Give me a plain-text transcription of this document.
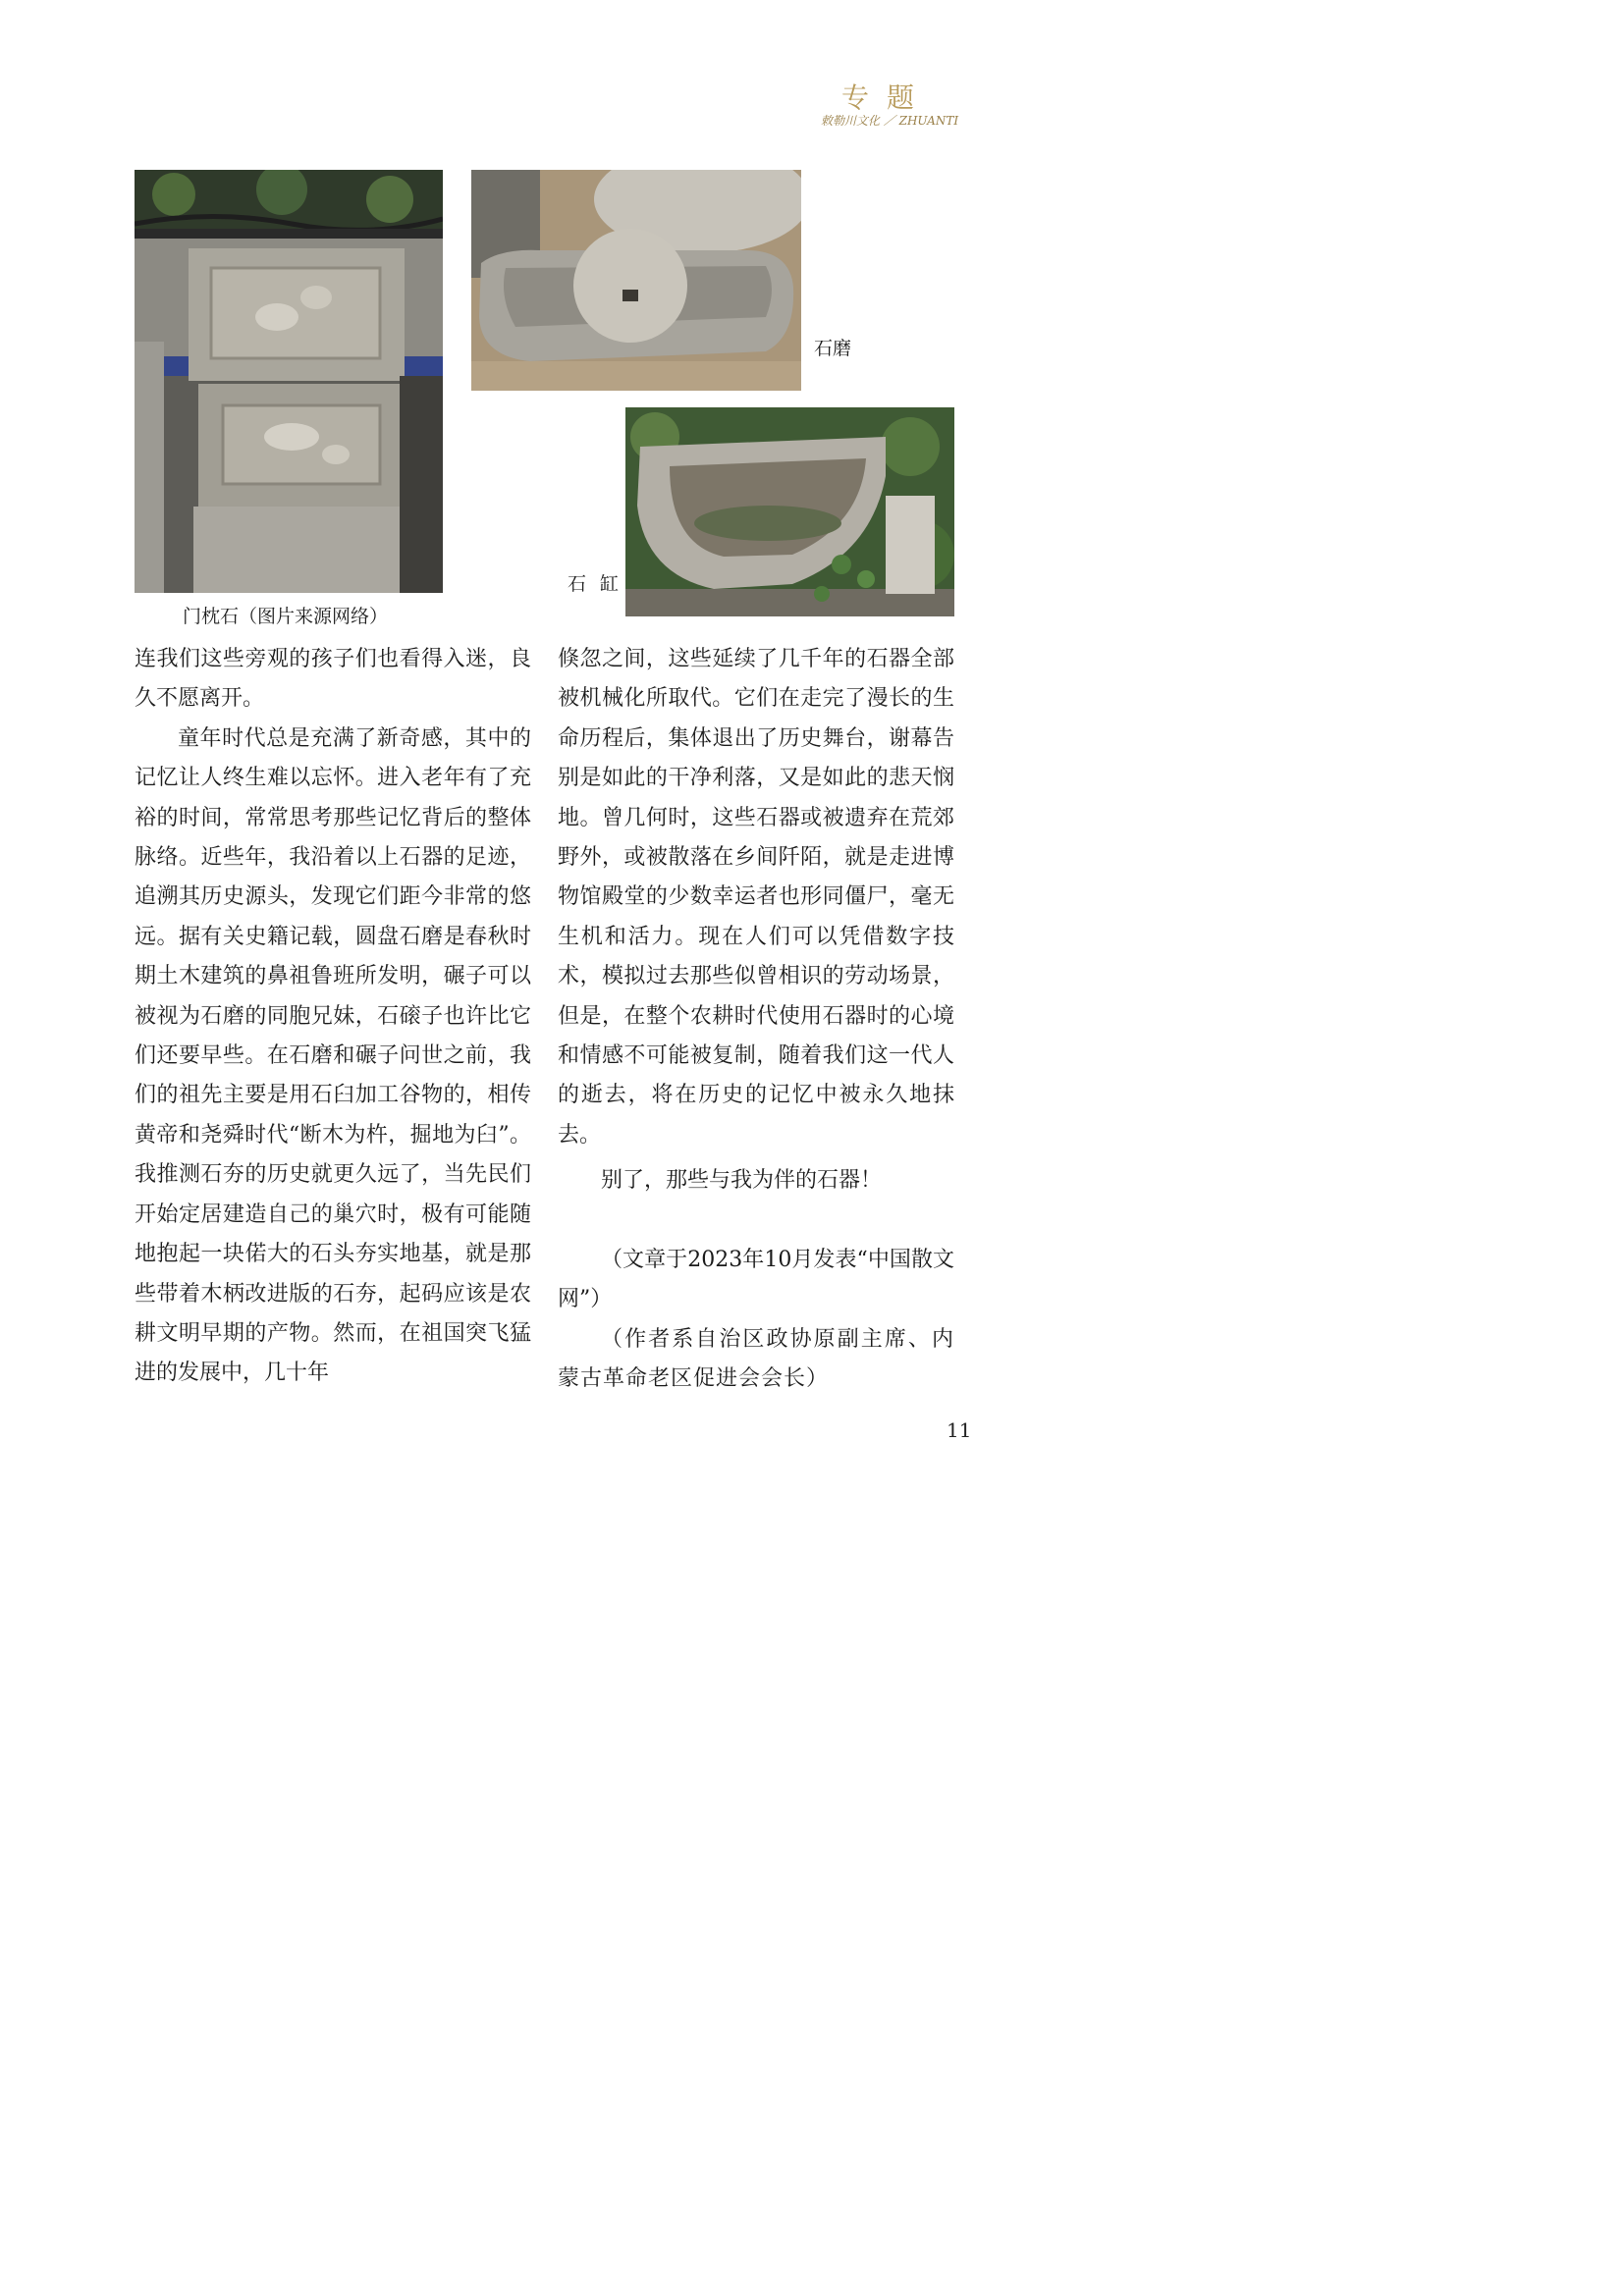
专题
敕勒川文化 ／ ZHUANTI
门枕石（图片来源网络）
石磨
石 缸

连我们这些旁观的孩子们也看得入迷，良久不愿离开。

童年时代总是充满了新奇感，其中的记忆让人终生难以忘怀。进入老年有了充裕的时间，常常思考那些记忆背后的整体脉络。近些年，我沿着以上石器的足迹，追溯其历史源头，发现它们距今非常的悠远。据有关史籍记载，圆盘石磨是春秋时期土木建筑的鼻祖鲁班所发明，碾子可以被视为石磨的同胞兄妹，石磙子也许比它们还要早些。在石磨和碾子问世之前，我们的祖先主要是用石臼加工谷物的，相传黄帝和尧舜时代“断木为杵，掘地为臼”。我推测石夯的历史就更久远了，当先民们开始定居建造自己的巢穴时，极有可能随地抱起一块偌大的石头夯实地基，就是那些带着木柄改进版的石夯，起码应该是农耕文明早期的产物。然而，在祖国突飞猛进的发展中，几十年

倏忽之间，这些延续了几千年的石器全部被机械化所取代。它们在走完了漫长的生命历程后，集体退出了历史舞台，谢幕告别是如此的干净利落，又是如此的悲天悯地。曾几何时，这些石器或被遗弃在荒郊野外，或被散落在乡间阡陌，就是走进博物馆殿堂的少数幸运者也形同僵尸，毫无生机和活力。现在人们可以凭借数字技术，模拟过去那些似曾相识的劳动场景，但是，在整个农耕时代使用石器时的心境和情感不可能被复制，随着我们这一代人的逝去，将在历史的记忆中被永久地抹去。

别了，那些与我为伴的石器！

（文章于2023年10月发表“中国散文网”）

（作者系自治区政协原副主席、内蒙古革命老区促进会会长）

11
